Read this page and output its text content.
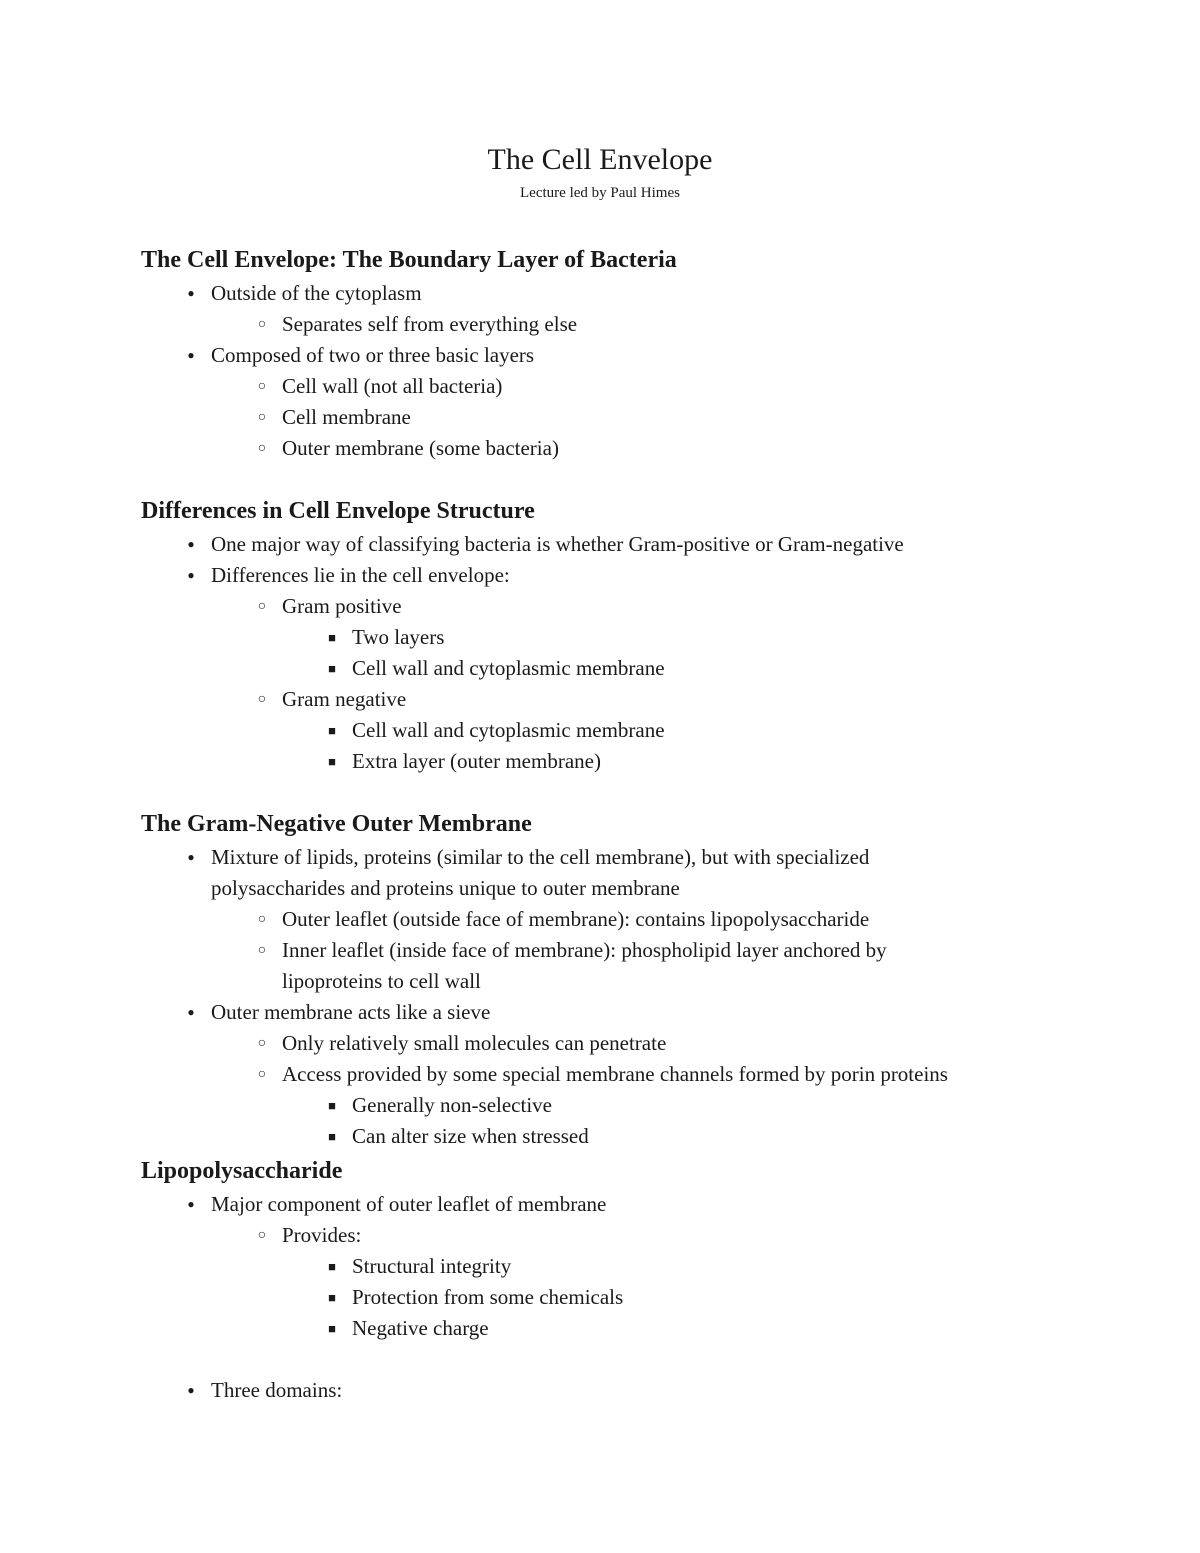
The Cell Envelope

Lecture led by Paul Himes

The Cell Envelope: The Boundary Layer of Bacteria
● Outside of the cytoplasm
○ Separates self from everything else
● Composed of two or three basic layers
○ Cell wall (not all bacteria)
○ Cell membrane
○ Outer membrane (some bacteria)
Differences in Cell Envelope Structure
● One major way of classifying bacteria is whether Gram-positive or Gram-negative
● Differences lie in the cell envelope:
○ Gram positive
■ Two layers
■ Cell wall and cytoplasmic membrane
○ Gram negative
■ Cell wall and cytoplasmic membrane
■ Extra layer (outer membrane)
The Gram-Negative Outer Membrane
● Mixture of lipids, proteins (similar to the cell membrane), but with specialized
polysaccharides and proteins unique to outer membrane
○ Outer leaflet (outside face of membrane): contains lipopolysaccharide
○ Inner leaflet (inside face of membrane): phospholipid layer anchored by
lipoproteins to cell wall
● Outer membrane acts like a sieve
○ Only relatively small molecules can penetrate
○ Access provided by some special membrane channels formed by porin proteins
■ Generally non-selective
■ Can alter size when stressed
Lipopolysaccharide
● Major component of outer leaflet of membrane
○ Provides:
■ Structural integrity
■ Protection from some chemicals
■ Negative charge
● Three domains:
